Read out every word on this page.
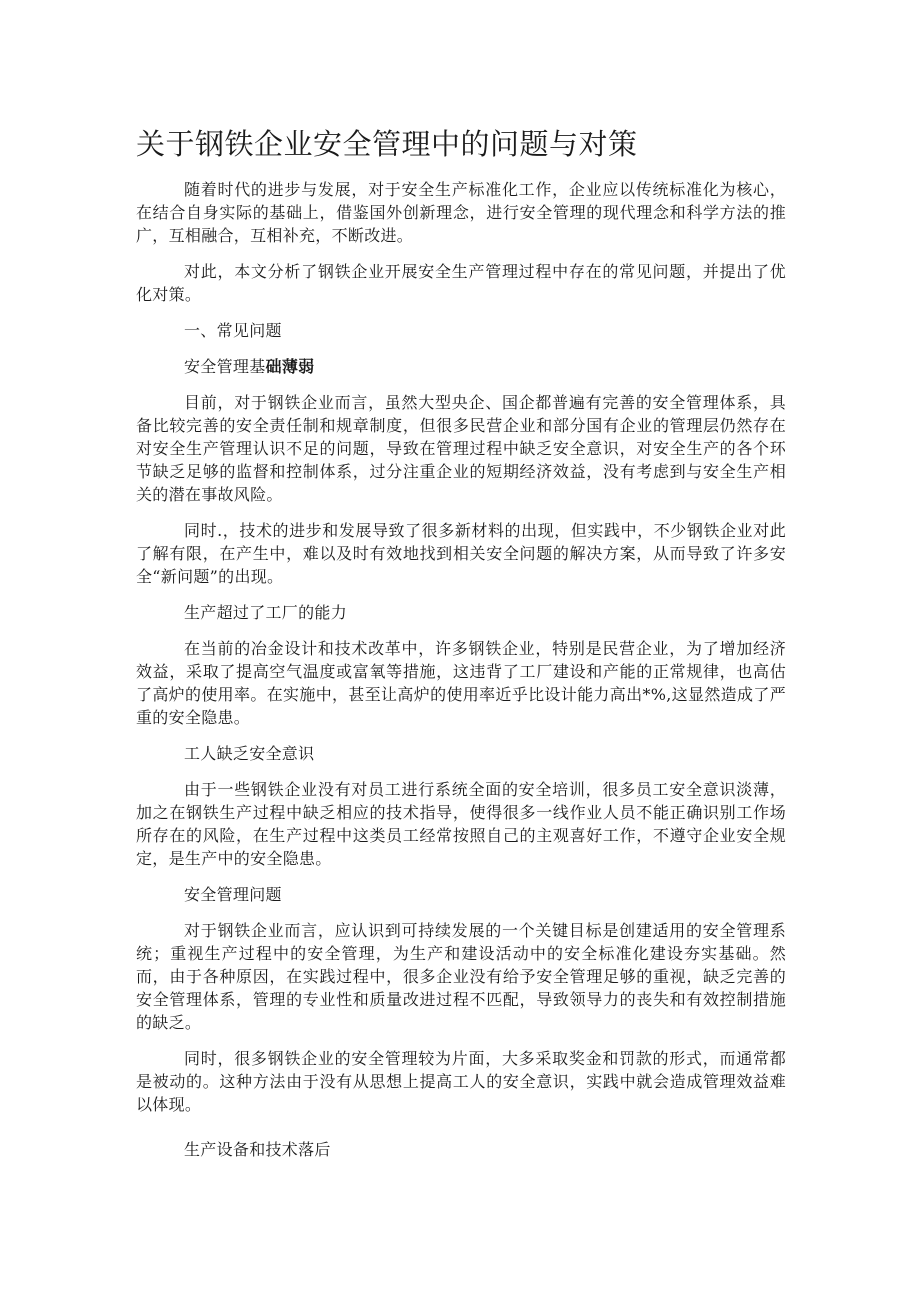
关于钢铁企业安全管理中的问题与对策

随着时代的进步与发展，对于安全生产标准化工作，企业应以传统标准化为核心，在结合自身实际的基础上，借鉴国外创新理念，进行安全管理的现代理念和科学方法的推广，互相融合，互相补充，不断改进。

对此，本文分析了钢铁企业开展安全生产管理过程中存在的常见问题，并提出了优化对策。

一、常见问题

安全管理基础薄弱

目前，对于钢铁企业而言，虽然大型央企、国企都普遍有完善的安全管理体系，具备比较完善的安全责任制和规章制度，但很多民营企业和部分国有企业的管理层仍然存在对安全生产管理认识不足的问题，导致在管理过程中缺乏安全意识，对安全生产的各个环节缺乏足够的监督和控制体系，过分注重企业的短期经济效益，没有考虑到与安全生产相关的潜在事故风险。

同时.，技术的进步和发展导致了很多新材料的出现，但实践中，不少钢铁企业对此了解有限，在产生中，难以及时有效地找到相关安全问题的解决方案，从而导致了许多安全“新问题”的出现。

生产超过了工厂的能力

在当前的冶金设计和技术改革中，许多钢铁企业，特别是民营企业，为了增加经济效益，采取了提高空气温度或富氧等措施，这违背了工厂建设和产能的正常规律，也高估了高炉的使用率。在实施中，甚至让高炉的使用率近乎比设计能力高出*%,这显然造成了严重的安全隐患。

工人缺乏安全意识

由于一些钢铁企业没有对员工进行系统全面的安全培训，很多员工安全意识淡薄，加之在钢铁生产过程中缺乏相应的技术指导，使得很多一线作业人员不能正确识别工作场所存在的风险，在生产过程中这类员工经常按照自己的主观喜好工作，不遵守企业安全规定，是生产中的安全隐患。

安全管理问题

对于钢铁企业而言，应认识到可持续发展的一个关键目标是创建适用的安全管理系统；重视生产过程中的安全管理，为生产和建设活动中的安全标准化建设夯实基础。然而，由于各种原因，在实践过程中，很多企业没有给予安全管理足够的重视，缺乏完善的安全管理体系，管理的专业性和质量改进过程不匹配，导致领导力的丧失和有效控制措施的缺乏。

同时，很多钢铁企业的安全管理较为片面，大多采取奖金和罚款的形式，而通常都是被动的。这种方法由于没有从思想上提高工人的安全意识，实践中就会造成管理效益难以体现。

生产设备和技术落后
